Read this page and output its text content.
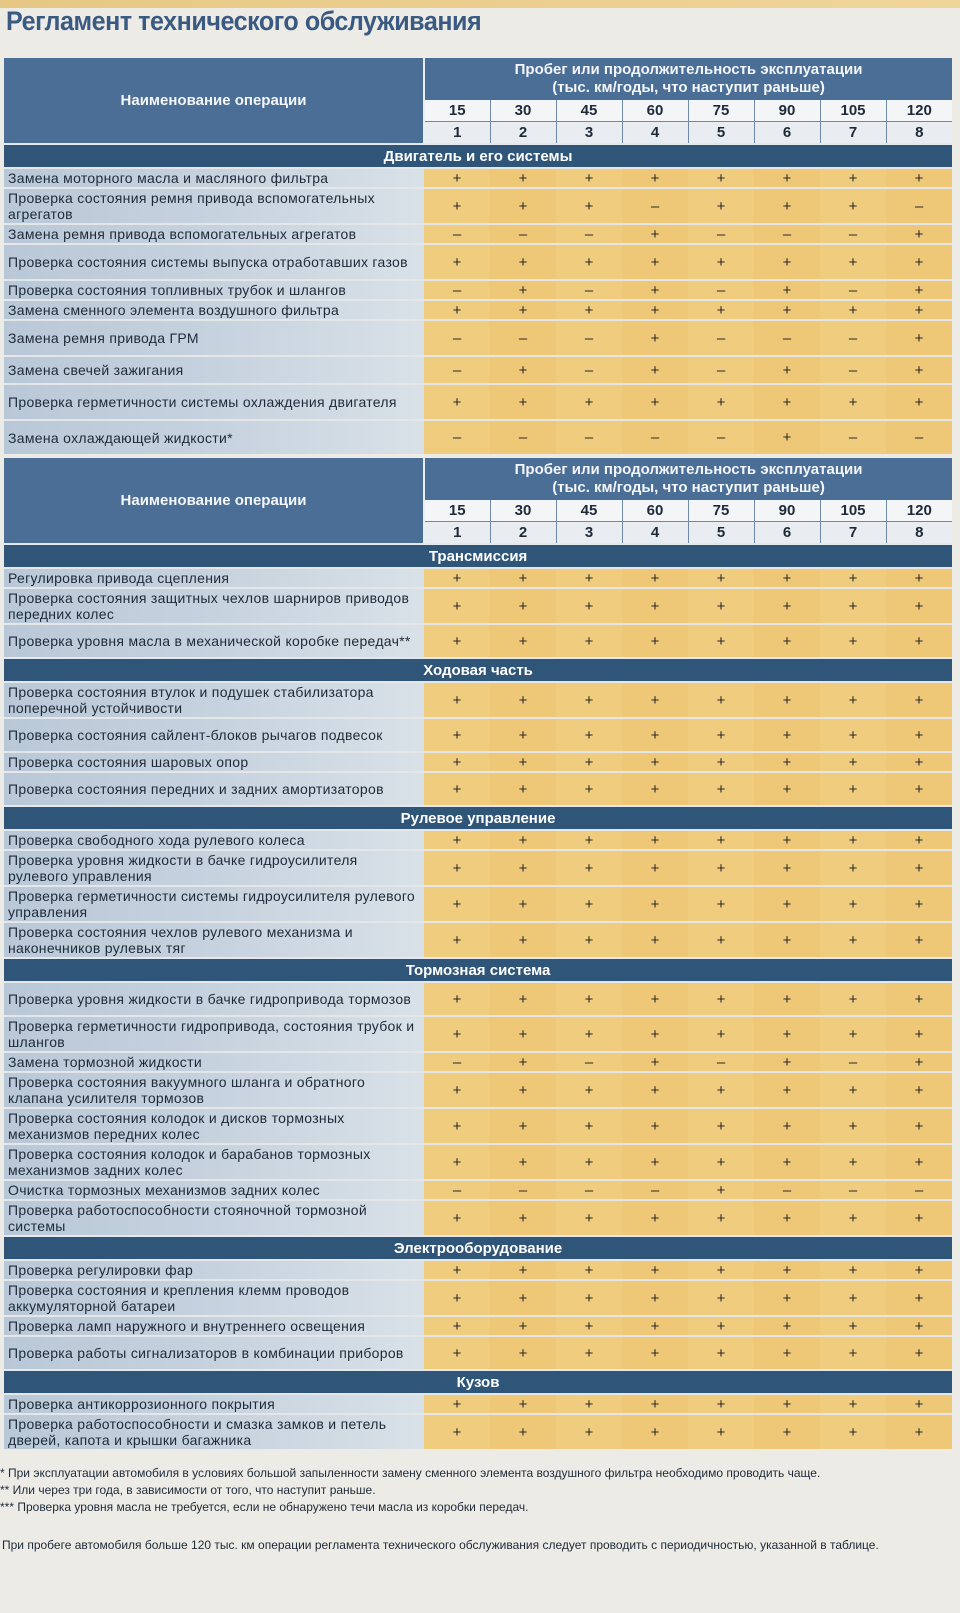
Регламент технического обслуживания
Наименование операции	Пробег или продолжительность эксплуатации
(тыс. км/годы, что наступит раньше)							
	15	30	45	60	75	90	105	120
	1	2	3	4	5	6	7	8
Двигатель и его системы								
Замена моторного масла и масляного фильтра	+	+	+	+	+	+	+	+
Проверка состояния ремня привода вспомогательных агрегатов	+	+	+	–	+	+	+	–
Замена ремня привода вспомогательных агрегатов	–	–	–	+	–	–	–	+
Проверка состояния системы выпуска отработавших газов	+	+	+	+	+	+	+	+
Проверка состояния топливных трубок и шлангов	–	+	–	+	–	+	–	+
Замена сменного элемента воздушного фильтра	+	+	+	+	+	+	+	+
Замена ремня привода ГРМ	–	–	–	+	–	–	–	+
Замена свечей зажигания	–	+	–	+	–	+	–	+
Проверка герметичности системы охлаждения двигателя	+	+	+	+	+	+	+	+
Замена охлаждающей жидкости*	–	–	–	–	–	+	–	–
Наименование операции	Пробег или продолжительность эксплуатации
(тыс. км/годы, что наступит раньше)							
	15	30	45	60	75	90	105	120
	1	2	3	4	5	6	7	8
Трансмиссия								
Регулировка привода сцепления	+	+	+	+	+	+	+	+
Проверка состояния защитных чехлов шарниров приводов передних колес	+	+	+	+	+	+	+	+
Проверка уровня масла в механической коробке передач**	+	+	+	+	+	+	+	+
Ходовая часть								
Проверка состояния втулок и подушек стабилизатора поперечной устойчивости	+	+	+	+	+	+	+	+
Проверка состояния сайлент-блоков рычагов подвесок	+	+	+	+	+	+	+	+
Проверка состояния шаровых опор	+	+	+	+	+	+	+	+
Проверка состояния передних и задних амортизаторов	+	+	+	+	+	+	+	+
Рулевое управление								
Проверка свободного хода рулевого колеса	+	+	+	+	+	+	+	+
Проверка уровня жидкости в бачке гидроусилителя рулевого управления	+	+	+	+	+	+	+	+
Проверка герметичности системы гидроусилителя рулевого управления	+	+	+	+	+	+	+	+
Проверка состояния чехлов рулевого механизма и наконечников рулевых тяг	+	+	+	+	+	+	+	+
Тормозная система								
Проверка уровня жидкости в бачке гидропривода тормозов	+	+	+	+	+	+	+	+
Проверка герметичности гидропривода, состояния трубок и шлангов	+	+	+	+	+	+	+	+
Замена тормозной жидкости	–	+	–	+	–	+	–	+
Проверка состояния вакуумного шланга и обратного клапана усилителя тормозов	+	+	+	+	+	+	+	+
Проверка состояния колодок и дисков тормозных механизмов передних колес	+	+	+	+	+	+	+	+
Проверка состояния колодок и барабанов тормозных механизмов задних колес	+	+	+	+	+	+	+	+
Очистка тормозных механизмов задних колес	–	–	–	–	+	–	–	–
Проверка работоспособности стояночной тормозной системы	+	+	+	+	+	+	+	+
Электрооборудование								
Проверка регулировки фар	+	+	+	+	+	+	+	+
Проверка состояния и крепления клемм проводов аккумуляторной батареи	+	+	+	+	+	+	+	+
Проверка ламп наружного и внутреннего освещения	+	+	+	+	+	+	+	+
Проверка работы сигнализаторов в комбинации приборов	+	+	+	+	+	+	+	+
Кузов								
Проверка антикоррозионного покрытия	+	+	+	+	+	+	+	+
Проверка работоспособности и смазка замков и петель дверей, капота и крышки багажника	+	+	+	+	+	+	+	+

* При эксплуатации автомобиля в условиях большой запыленности замену сменного элемента воздушного фильтра необходимо проводить чаще.

** Или через три года, в зависимости от того, что наступит раньше.

*** Проверка уровня масла не требуется, если не обнаружено течи масла из коробки передач.

При пробеге автомобиля больше 120 тыс. км операции регламента технического обслуживания следует проводить с периодичностью, указанной в таблице.
